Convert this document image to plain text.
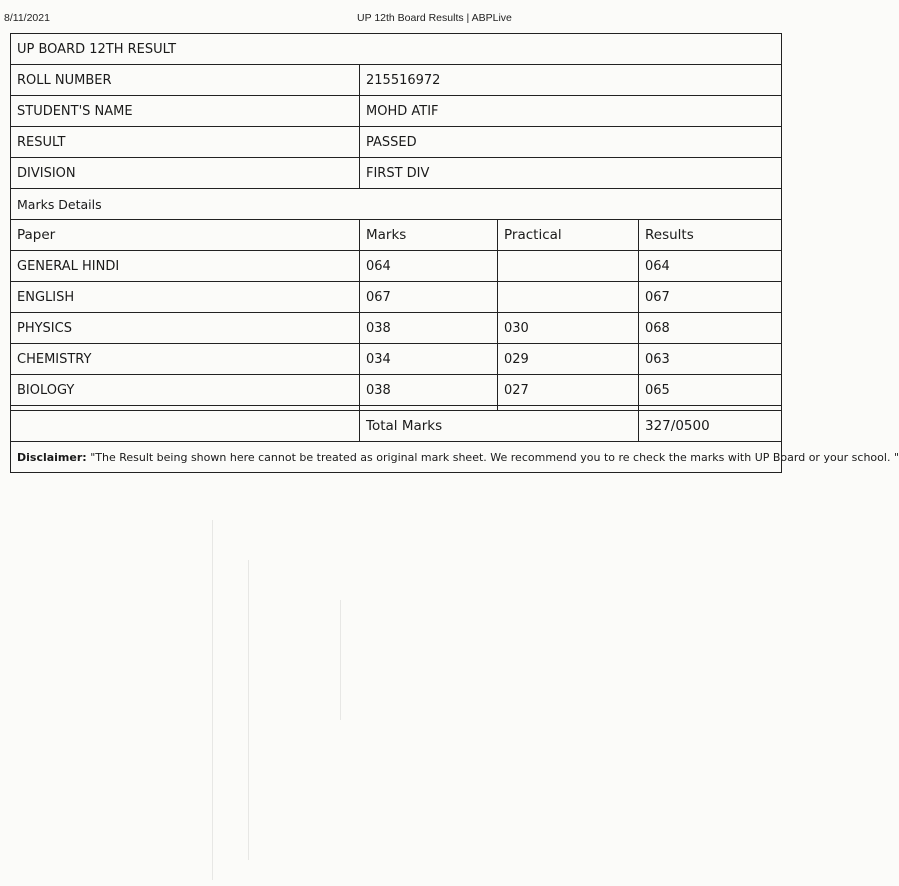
8/11/2021	UP 12th Board Results | ABPLive
UP BOARD 12TH RESULT			
ROLL NUMBER	215516972		
STUDENT'S NAME	MOHD ATIF		
RESULT	PASSED		
DIVISION	FIRST DIV		
Marks Details			
Paper	Marks	Practical	Results
GENERAL HINDI	064		064
ENGLISH	067		067
PHYSICS	038	030	068
CHEMISTRY	034	029	063
BIOLOGY	038	027	065

	Total Marks		327/0500
Disclaimer: "The Result being shown here cannot be treated as original mark sheet. We recommend you to re check the marks with UP Board or your school. "			
